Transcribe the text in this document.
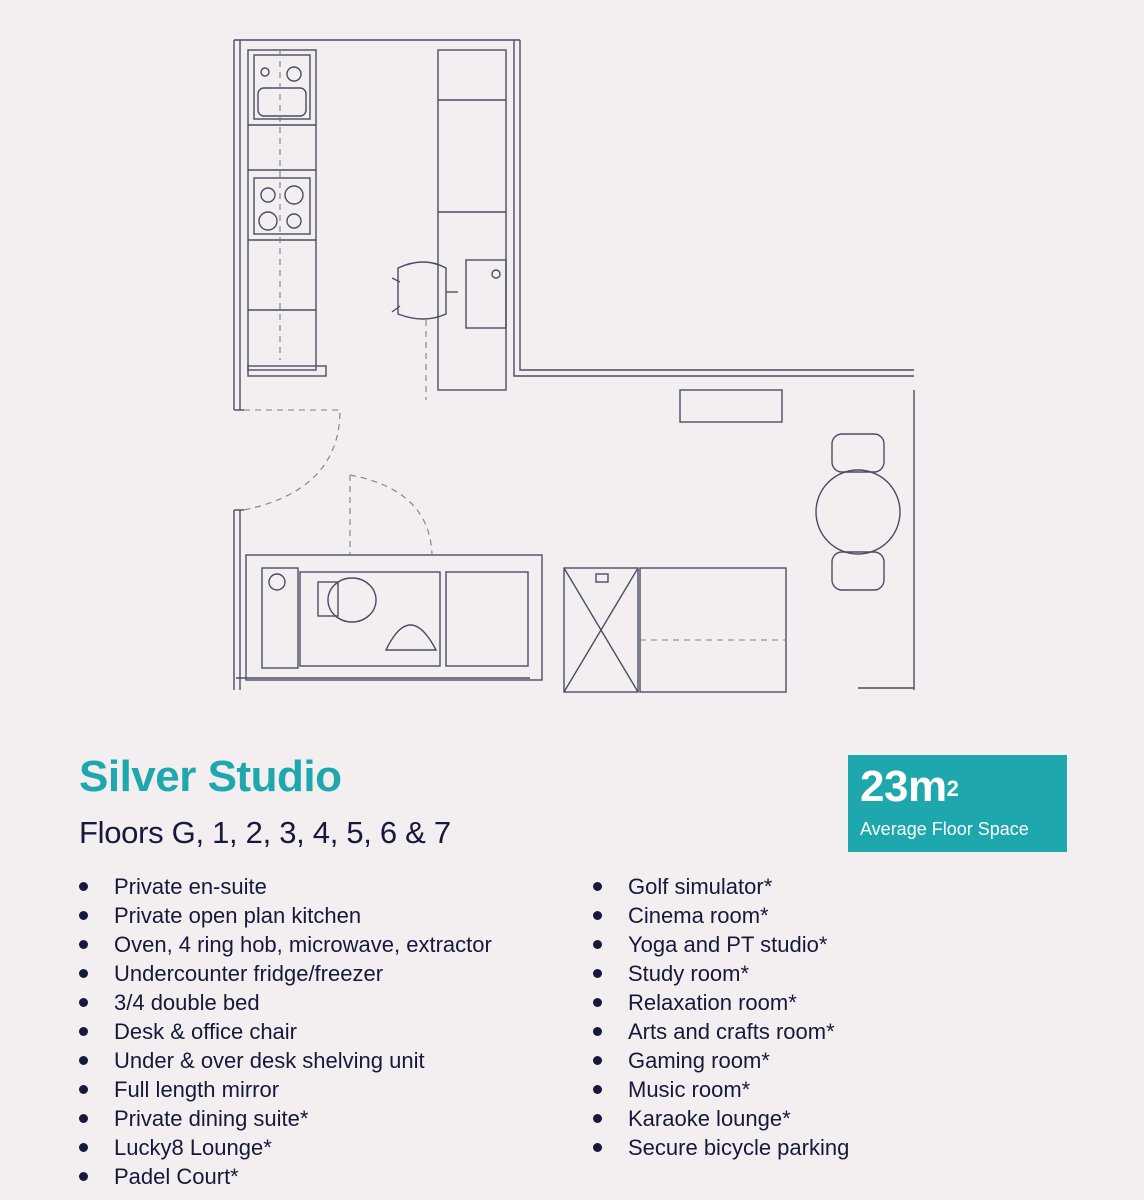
Silver Studio
Floors G, 1, 2, 3, 4, 5, 6 & 7
$23m^2$
Average Floor Space
Private en-suite
Private open plan kitchen
Oven, 4 ring hob, microwave, extractor
Undercounter fridge/freezer
3/4 double bed
Desk & office chair
Under & over desk shelving unit
Full length mirror
Private dining suite*
Lucky8 Lounge*
Padel Court*
Golf simulator*
Cinema room*
Yoga and PT studio*
Study room*
Relaxation room*
Arts and crafts room*
Gaming room*
Music room*
Karaoke lounge*
Secure bicycle parking
